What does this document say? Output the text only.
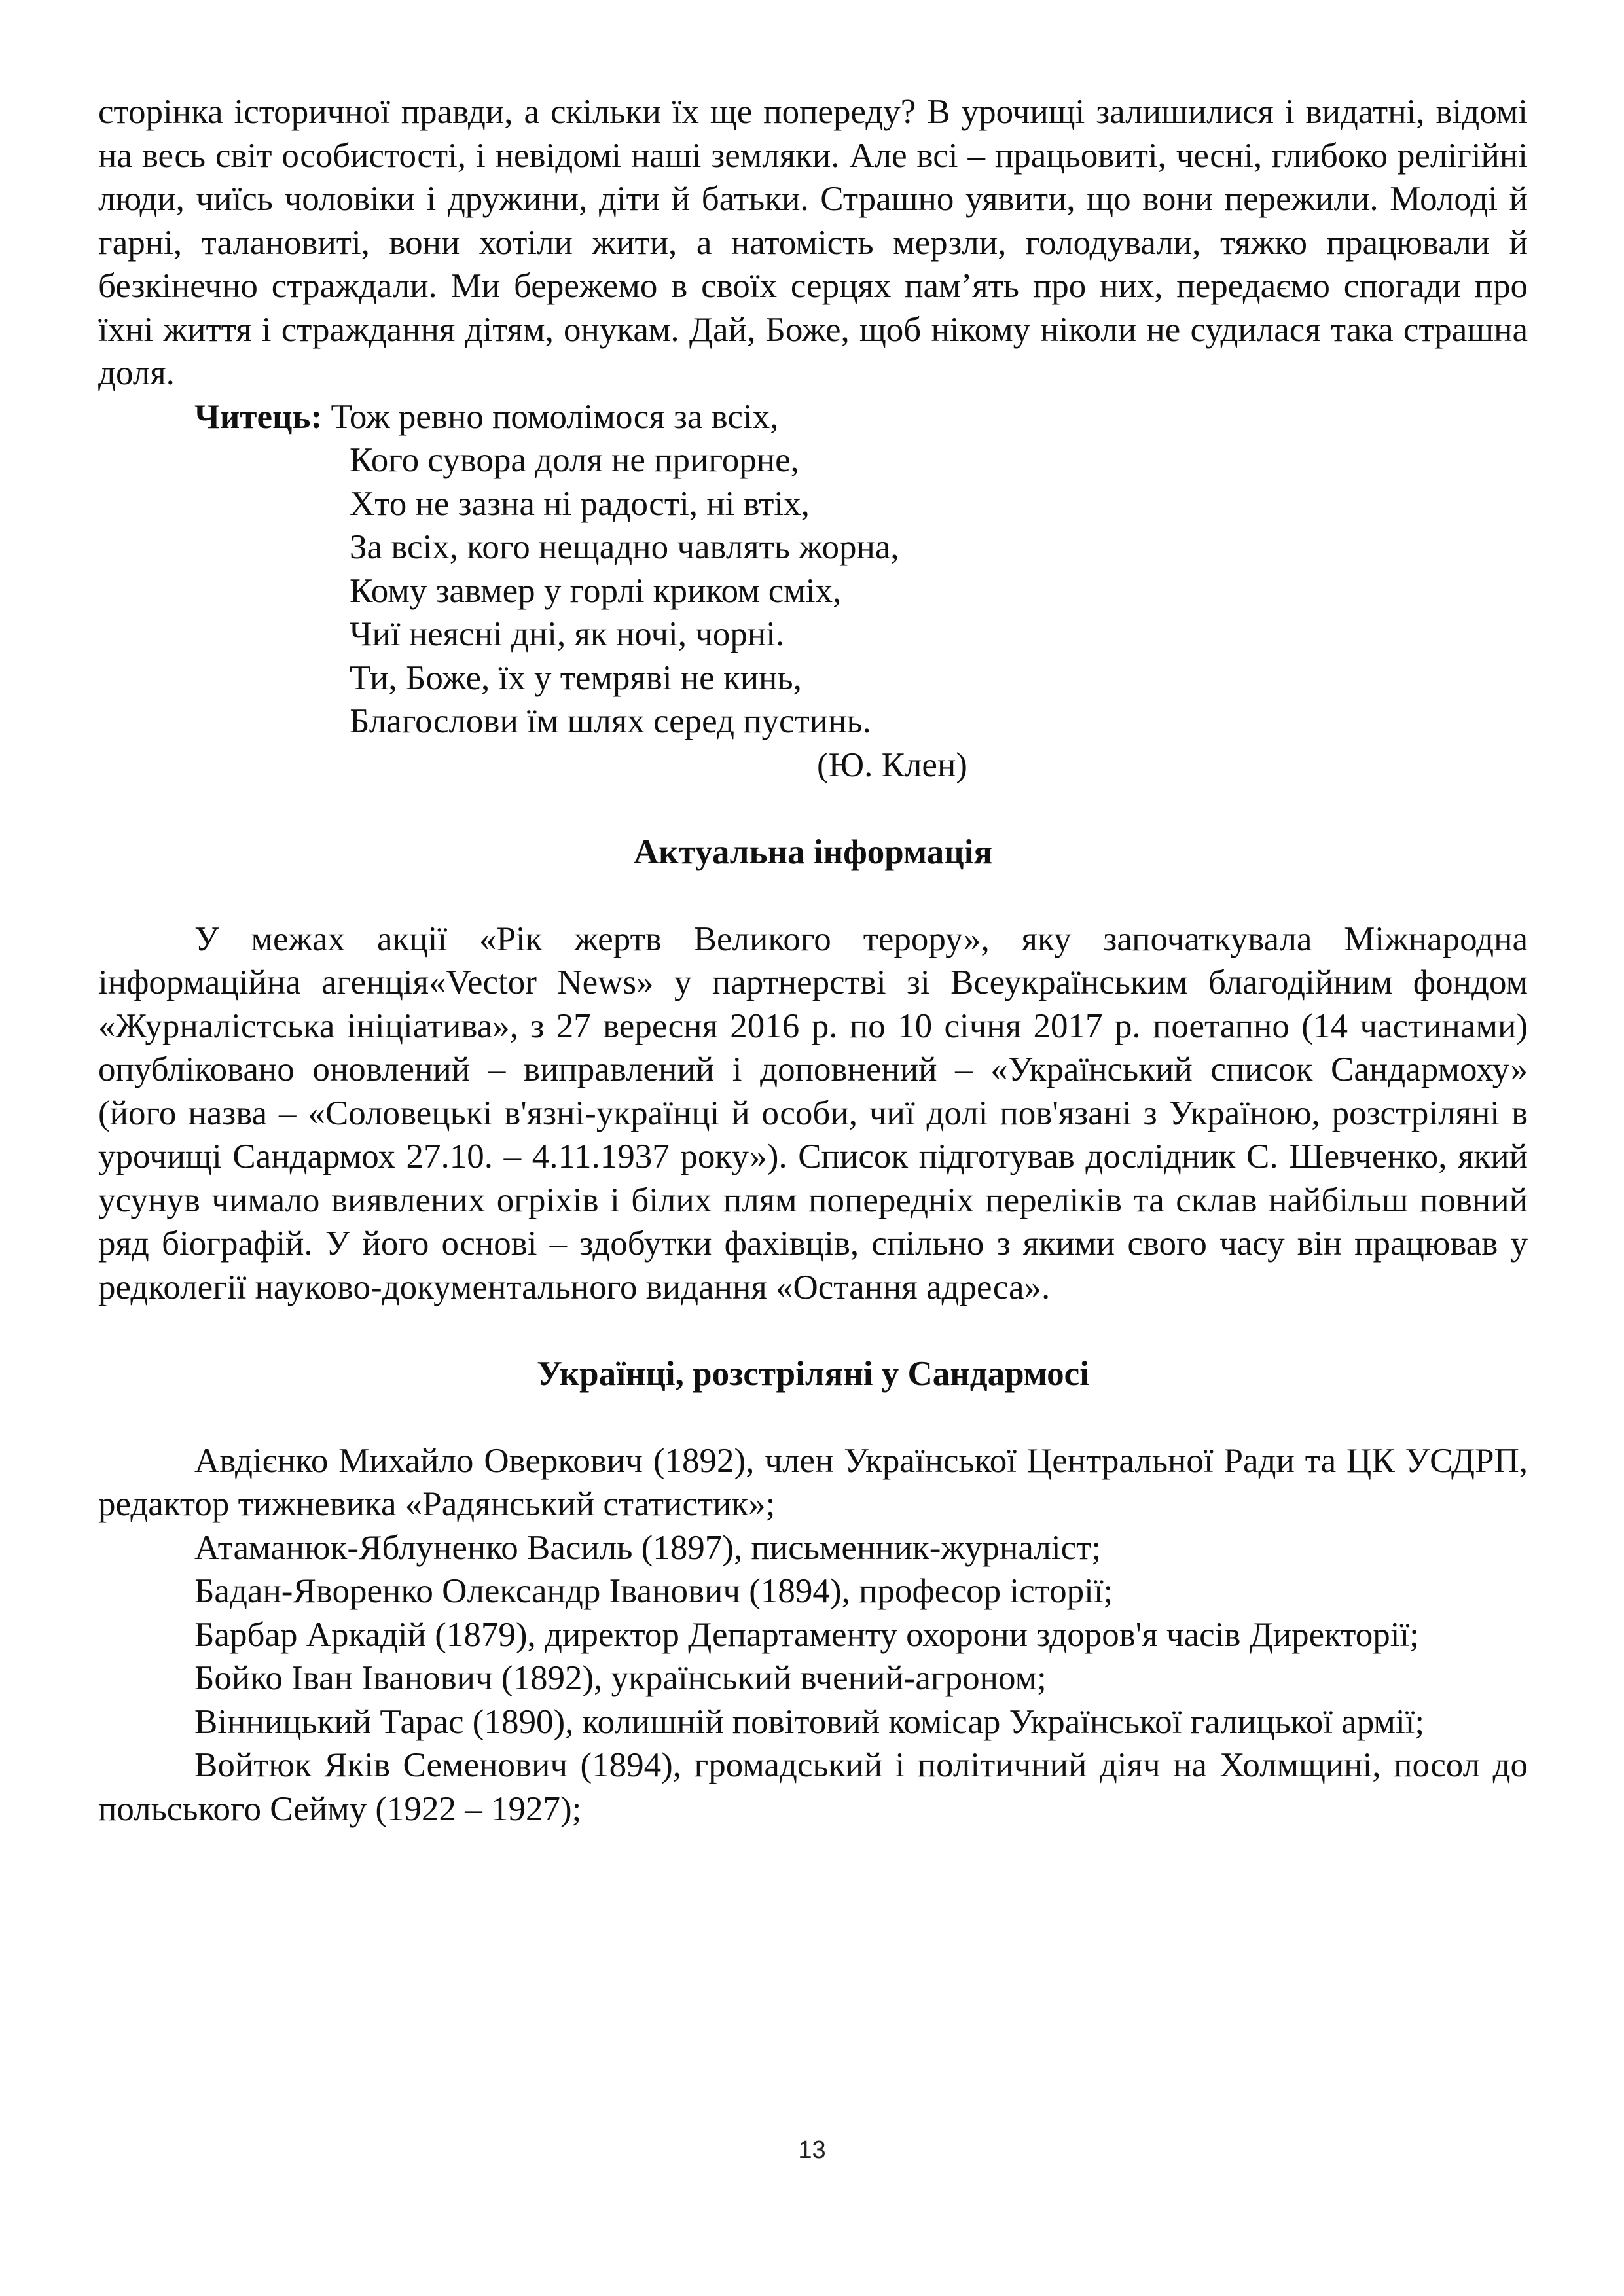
сторінка історичної правди, а скільки їх ще попереду? В урочищі залишилися і видатні, відомі на весь світ особистості, і невідомі наші земляки. Але всі – працьовиті, чесні, глибоко релігійні люди, чиїсь чоловіки і дружини, діти й батьки. Страшно уявити, що вони пережили. Молоді й гарні, талановиті, вони хотіли жити, а натомість мерзли, голодували, тяжко працювали й безкінечно страждали. Ми бережемо в своїх серцях пам’ять про них, передаємо спогади про їхні життя і страждання дітям, онукам. Дай, Боже, щоб нікому ніколи не судилася така страшна доля.

Читець: Тож ревно помолімося за всіх,

Кого сувора доля не пригорне,

Хто не зазна ні радості, ні втіх,

За всіх, кого нещадно чавлять жорна,

Кому завмер у горлі криком сміх,

Чиї неясні дні, як ночі, чорні.

Ти, Боже, їх у темряві не кинь,

Благослови їм шлях серед пустинь.

(Ю. Клен)

Актуальна інформація

У межах акції «Рік жертв Великого терору», яку започаткувала Міжнародна інформаційна агенція«Vector News» у партнерстві зі Всеукраїнським благодійним фондом «Журналістська ініціатива», з 27 вересня 2016 р. по 10 січня 2017 р. поетапно (14 частинами) опубліковано оновлений – виправлений і доповнений – «Український список Сандармоху» (його назва – «Соловецькі в'язні-українці й особи, чиї долі пов'язані з Україною, розстріляні в урочищі Сандармох 27.10. – 4.11.1937 року»). Список підготував дослідник С. Шевченко, який усунув чимало виявлених огріхів і білих плям попередніх переліків та склав найбільш повний ряд біографій. У його основі – здобутки фахівців, спільно з якими свого часу він працював у редколегії науково-документального видання «Остання адреса».

Українці, розстріляні у Сандармосі

Авдієнко Михайло Оверкович (1892), член Української Центральної Ради та ЦК УСДРП, редактор тижневика «Радянський статистик»;

Атаманюк-Яблуненко Василь (1897), письменник-журналіст;

Бадан-Яворенко Олександр Іванович (1894), професор історії;

Барбар Аркадій (1879), директор Департаменту охорони здоров'я часів Директорії;

Бойко Іван Іванович (1892), український вчений-агроном;

Вінницький Тарас (1890), колишній повітовий комісар Української галицької армії;

Войтюк Яків Семенович (1894), громадський і політичний діяч на Холмщині, посол до польського Сейму (1922 – 1927);

13
